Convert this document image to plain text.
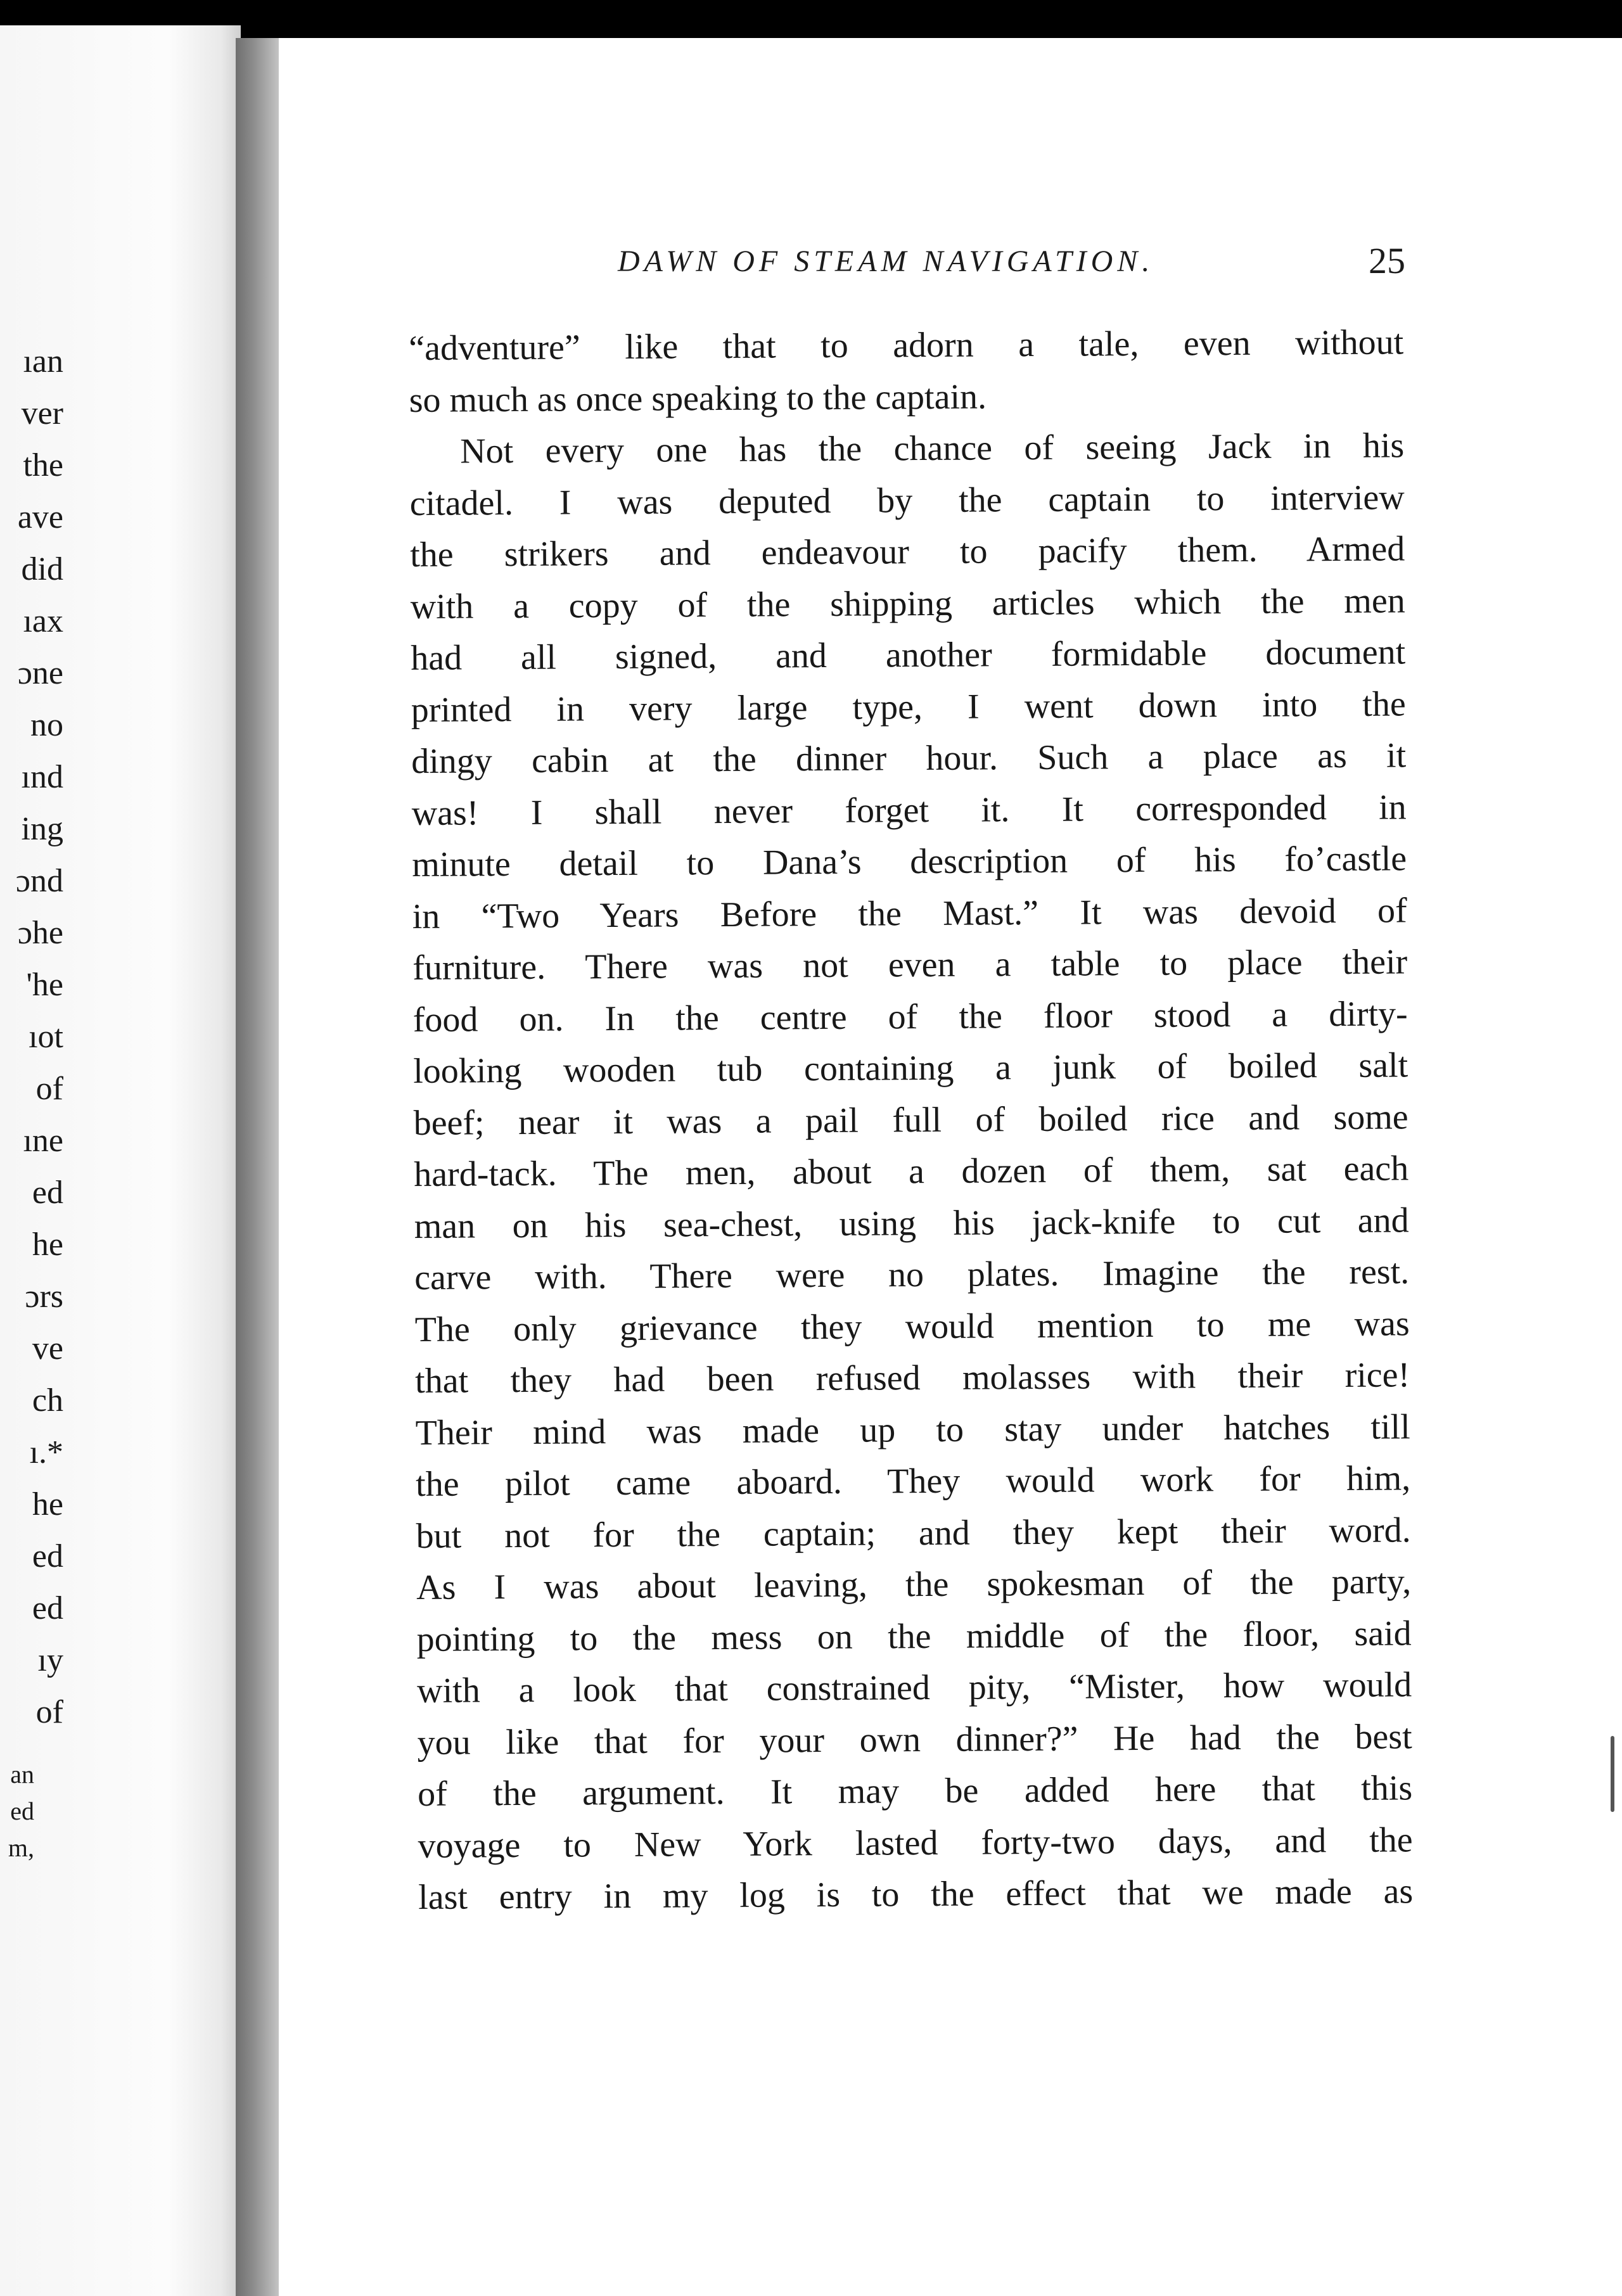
ıan
ver
the
ave
did
ıax
ɔne
no
ınd
ing
ɔnd
ɔhe
'he
ıot
of
ıne
ed
he
ɔrs
ve
ch
ı.*
he
ed
ed
ıy
of
an
ed
m,
DAWN OF STEAM NAVIGATION.	25
“adventure” like that to adorn a tale, even without
so much as once speaking to the captain.
Not every one has the chance of seeing Jack in his
citadel. I was deputed by the captain to interview
the strikers and endeavour to pacify them. Armed
with a copy of the shipping articles which the men
had all signed, and another formidable document
printed in very large type, I went down into the
dingy cabin at the dinner hour. Such a place as it
was! I shall never forget it. It corresponded in
minute detail to Dana’s description of his fo’castle
in “Two Years Before the Mast.” It was devoid of
furniture. There was not even a table to place their
food on. In the centre of the floor stood a dirty-
looking wooden tub containing a junk of boiled salt
beef; near it was a pail full of boiled rice and some
hard-tack. The men, about a dozen of them, sat each
man on his sea-chest, using his jack-knife to cut and
carve with. There were no plates. Imagine the rest.
The only grievance they would mention to me was
that they had been refused molasses with their rice!
Their mind was made up to stay under hatches till
the pilot came aboard. They would work for him,
but not for the captain; and they kept their word.
As I was about leaving, the spokesman of the party,
pointing to the mess on the middle of the floor, said
with a look that constrained pity, “Mister, how would
you like that for your own dinner?” He had the best
of the argument. It may be added here that this
voyage to New York lasted forty-two days, and the
last entry in my log is to the effect that we made as
